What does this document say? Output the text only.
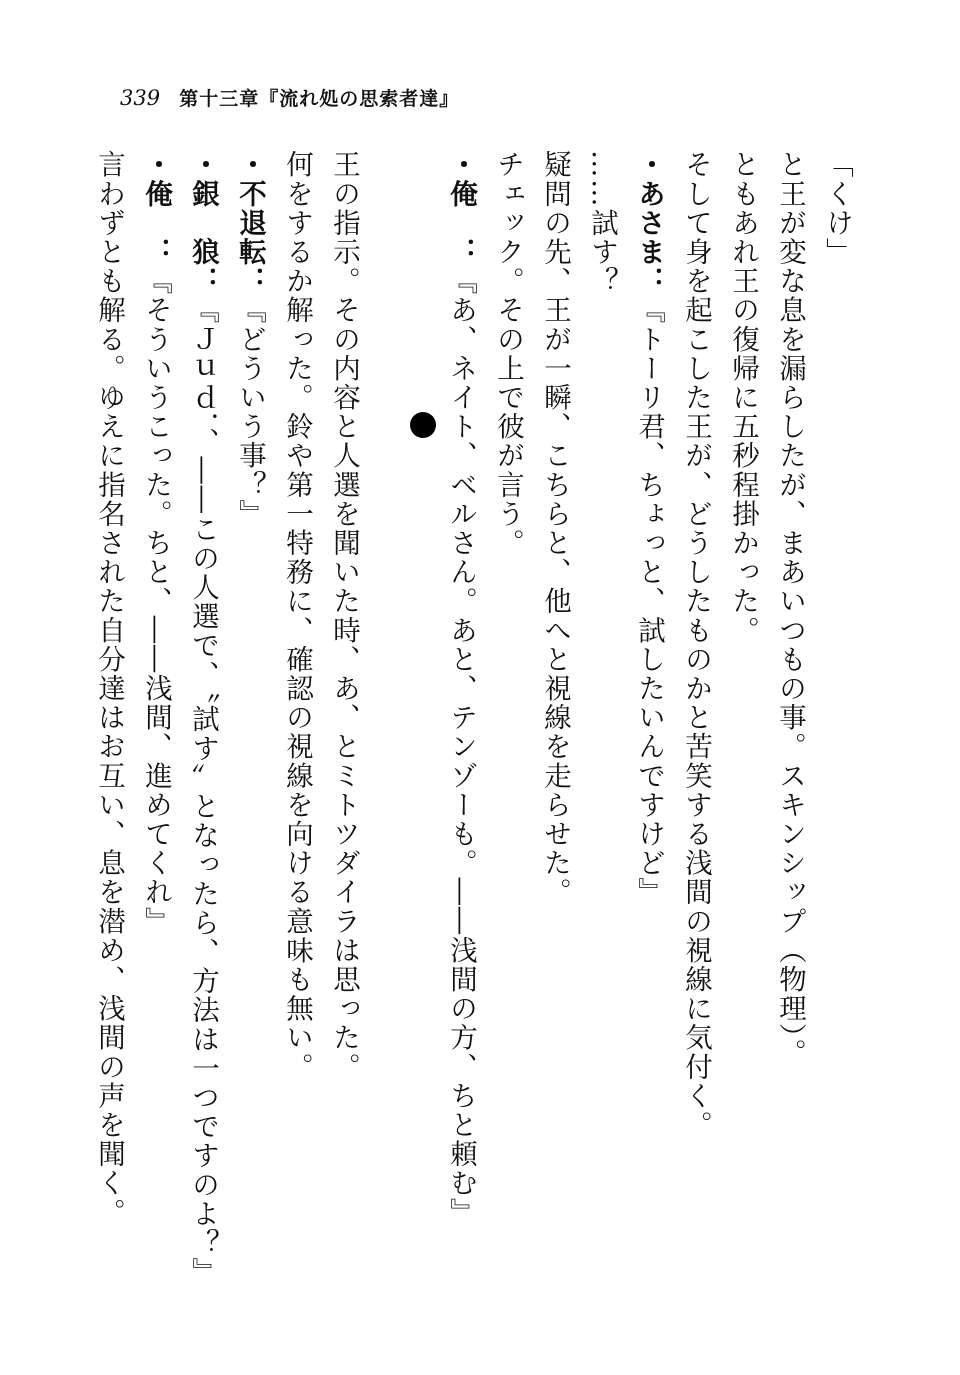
339 第十三章『流れ処の思索者達』
「くけ」
と王が変な息を漏らしたが、まあいつもの事。スキンシップ（物理）。
ともあれ王の復帰に五秒程掛かった。
そして身を起こした王が、どうしたものかと苦笑する浅間の視線に気付く。
・あさま：『トーリ君、ちょっと、試したいんですけど』
……試す？
疑問の先、王が一瞬、こちらと、他へと視線を走らせた。
チェック。その上で彼が言う。
・俺　：『あ、ネイト、ベルさん。あと、テンゾーも。――浅間の方、ちと頼む』
王の指示。その内容と人選を聞いた時、あ、とミトツダイラは思った。
何をするか解った。鈴や第一特務に、確認の視線を向ける意味も無い。
・不退転：『どういう事？』
・銀　狼：『Ｊｕｄ．、――この人選で、〝試す〟となったら、方法は一つですのよ？』
・俺　：『そういうこった。ちと、――浅間、進めてくれ』
言わずとも解る。ゆえに指名された自分達はお互い、息を潜め、浅間の声を聞く。
